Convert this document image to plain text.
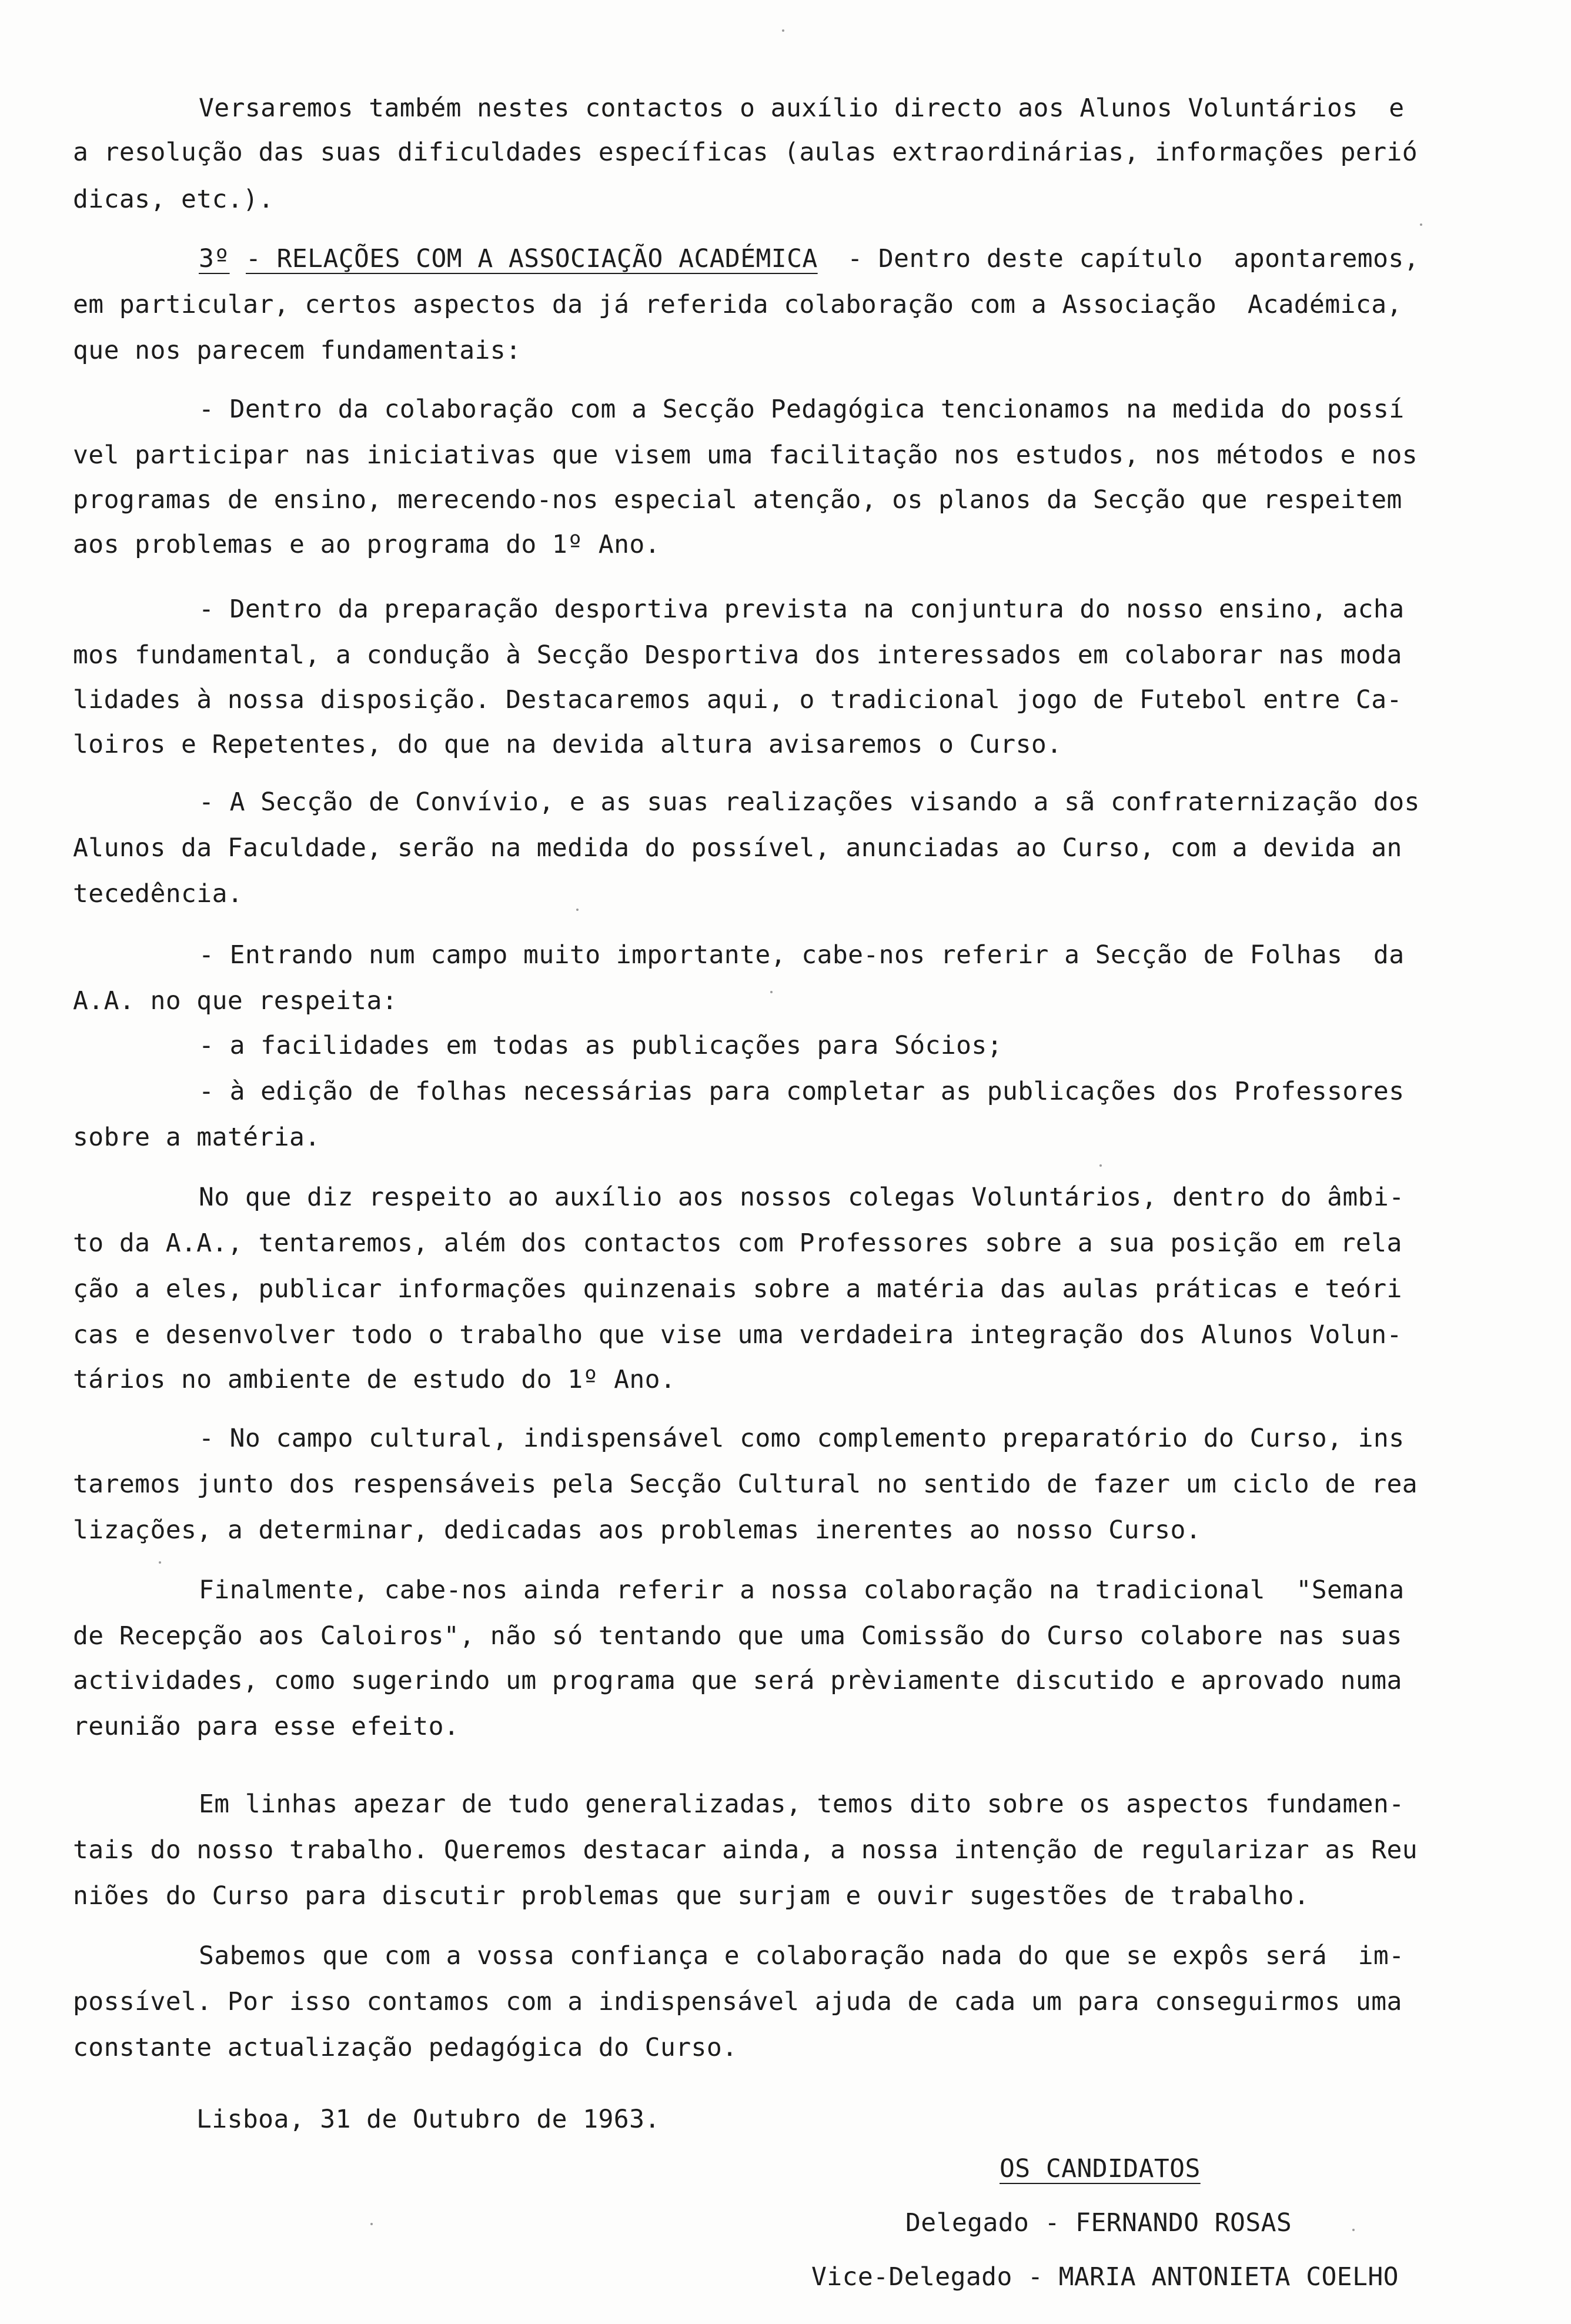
Versaremos também nestes contactos o auxílio directo aos Alunos Voluntários  e
a resolução das suas dificuldades específicas (aulas extraordinárias, informações perió
dicas, etc.).
3º - RELAÇÕES COM A ASSOCIAÇÃO ACADÉMICA - Dentro deste capítulo  apontaremos,
em particular, certos aspectos da já referida colaboração com a Associação  Académica,
que nos parecem fundamentais:
- Dentro da colaboração com a Secção Pedagógica tencionamos na medida do possí
vel participar nas iniciativas que visem uma facilitação nos estudos, nos métodos e nos
programas de ensino, merecendo-nos especial atenção, os planos da Secção que respeitem
aos problemas e ao programa do 1º Ano.
- Dentro da preparação desportiva prevista na conjuntura do nosso ensino, acha
mos fundamental, a condução à Secção Desportiva dos interessados em colaborar nas moda
lidades à nossa disposição. Destacaremos aqui, o tradicional jogo de Futebol entre Ca-
loiros e Repetentes, do que na devida altura avisaremos o Curso.
- A Secção de Convívio, e as suas realizações visando a sã confraternização dos
Alunos da Faculdade, serão na medida do possível, anunciadas ao Curso, com a devida an
tecedência.
- Entrando num campo muito importante, cabe-nos referir a Secção de Folhas  da
A.A. no que respeita:
- a facilidades em todas as publicações para Sócios;
- à edição de folhas necessárias para completar as publicações dos Professores
sobre a matéria.
No que diz respeito ao auxílio aos nossos colegas Voluntários, dentro do âmbi-
to da A.A., tentaremos, além dos contactos com Professores sobre a sua posição em rela
ção a eles, publicar informações quinzenais sobre a matéria das aulas práticas e teóri
cas e desenvolver todo o trabalho que vise uma verdadeira integração dos Alunos Volun-
tários no ambiente de estudo do 1º Ano.
- No campo cultural, indispensável como complemento preparatório do Curso, ins
taremos junto dos respensáveis pela Secção Cultural no sentido de fazer um ciclo de rea
lizações, a determinar, dedicadas aos problemas inerentes ao nosso Curso.
Finalmente, cabe-nos ainda referir a nossa colaboração na tradicional  "Semana
de Recepção aos Caloiros", não só tentando que uma Comissão do Curso colabore nas suas
actividades, como sugerindo um programa que será prèviamente discutido e aprovado numa
reunião para esse efeito.
Em linhas apezar de tudo generalizadas, temos dito sobre os aspectos fundamen-
tais do nosso trabalho. Queremos destacar ainda, a nossa intenção de regularizar as Reu
niões do Curso para discutir problemas que surjam e ouvir sugestões de trabalho.
Sabemos que com a vossa confiança e colaboração nada do que se expôs será  im-
possível. Por isso contamos com a indispensável ajuda de cada um para conseguirmos uma
constante actualização pedagógica do Curso.
Lisboa, 31 de Outubro de 1963.
OS CANDIDATOS
Delegado - FERNANDO ROSAS
Vice-Delegado - MARIA ANTONIETA COELHO
